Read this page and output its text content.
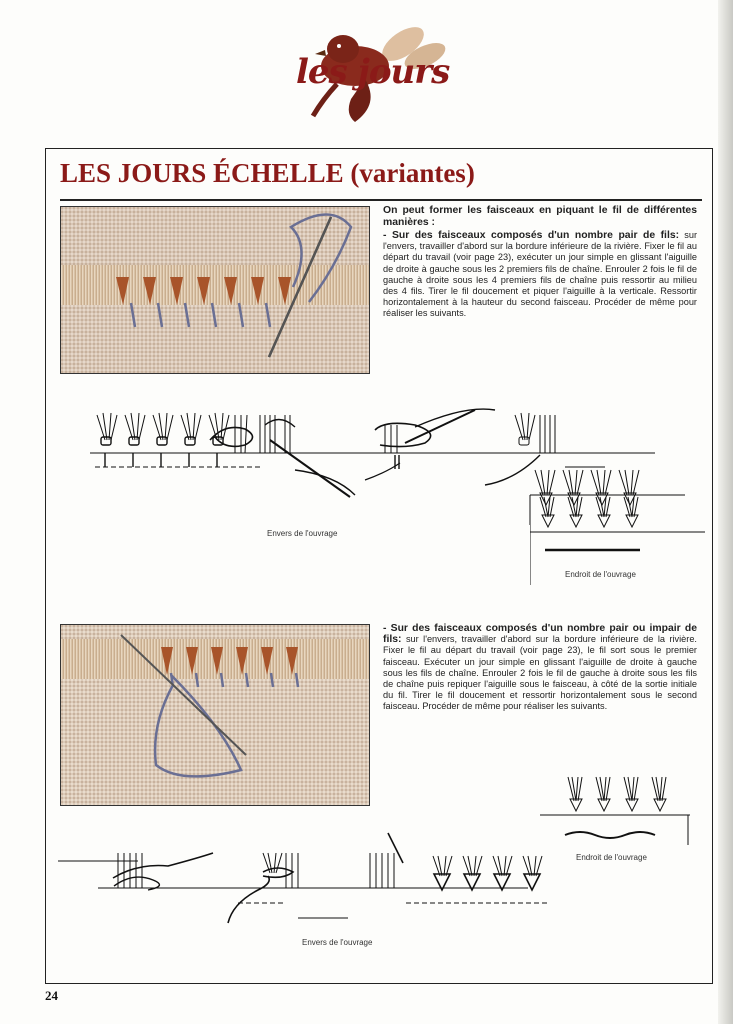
les jours
LES JOURS ÉCHELLE (variantes)
On peut former les faisceaux en piquant le fil de différentes manières :
- Sur des faisceaux composés d'un nombre pair de fils: sur l'envers, travailler d'abord sur la bordure inférieure de la rivière. Fixer le fil au départ du travail (voir page 23), exécuter un jour simple en glissant l'aiguille de droite à gauche sous les 2 premiers fils de chaîne. Enrouler 2 fois le fil de gauche à droite sous les 4 premiers fils de chaîne puis ressortir au milieu des 4 fils. Tirer le fil doucement et piquer l'aiguille à la verticale. Ressortir horizontalement à la hauteur du second faisceau. Procéder de même pour réaliser les suivants.
Envers de l'ouvrage
Endroit de l'ouvrage
- Sur des faisceaux composés d'un nombre pair ou impair de fils: sur l'envers, travailler d'abord sur la bordure inférieure de la rivière. Fixer le fil au départ du travail (voir page 23), le fil sort sous le premier faisceau. Exécuter un jour simple en glissant l'aiguille de droite à gauche sous les fils de chaîne. Enrouler 2 fois le fil de gauche à droite sous les fils de chaîne puis repiquer l'aiguille sous le faisceau, à côté de la sortie initiale du fil. Tirer le fil doucement et ressortir horizontalement sous le second faisceau. Procéder de même pour réaliser les suivants.
Endroit de l'ouvrage
Envers de l'ouvrage
24
